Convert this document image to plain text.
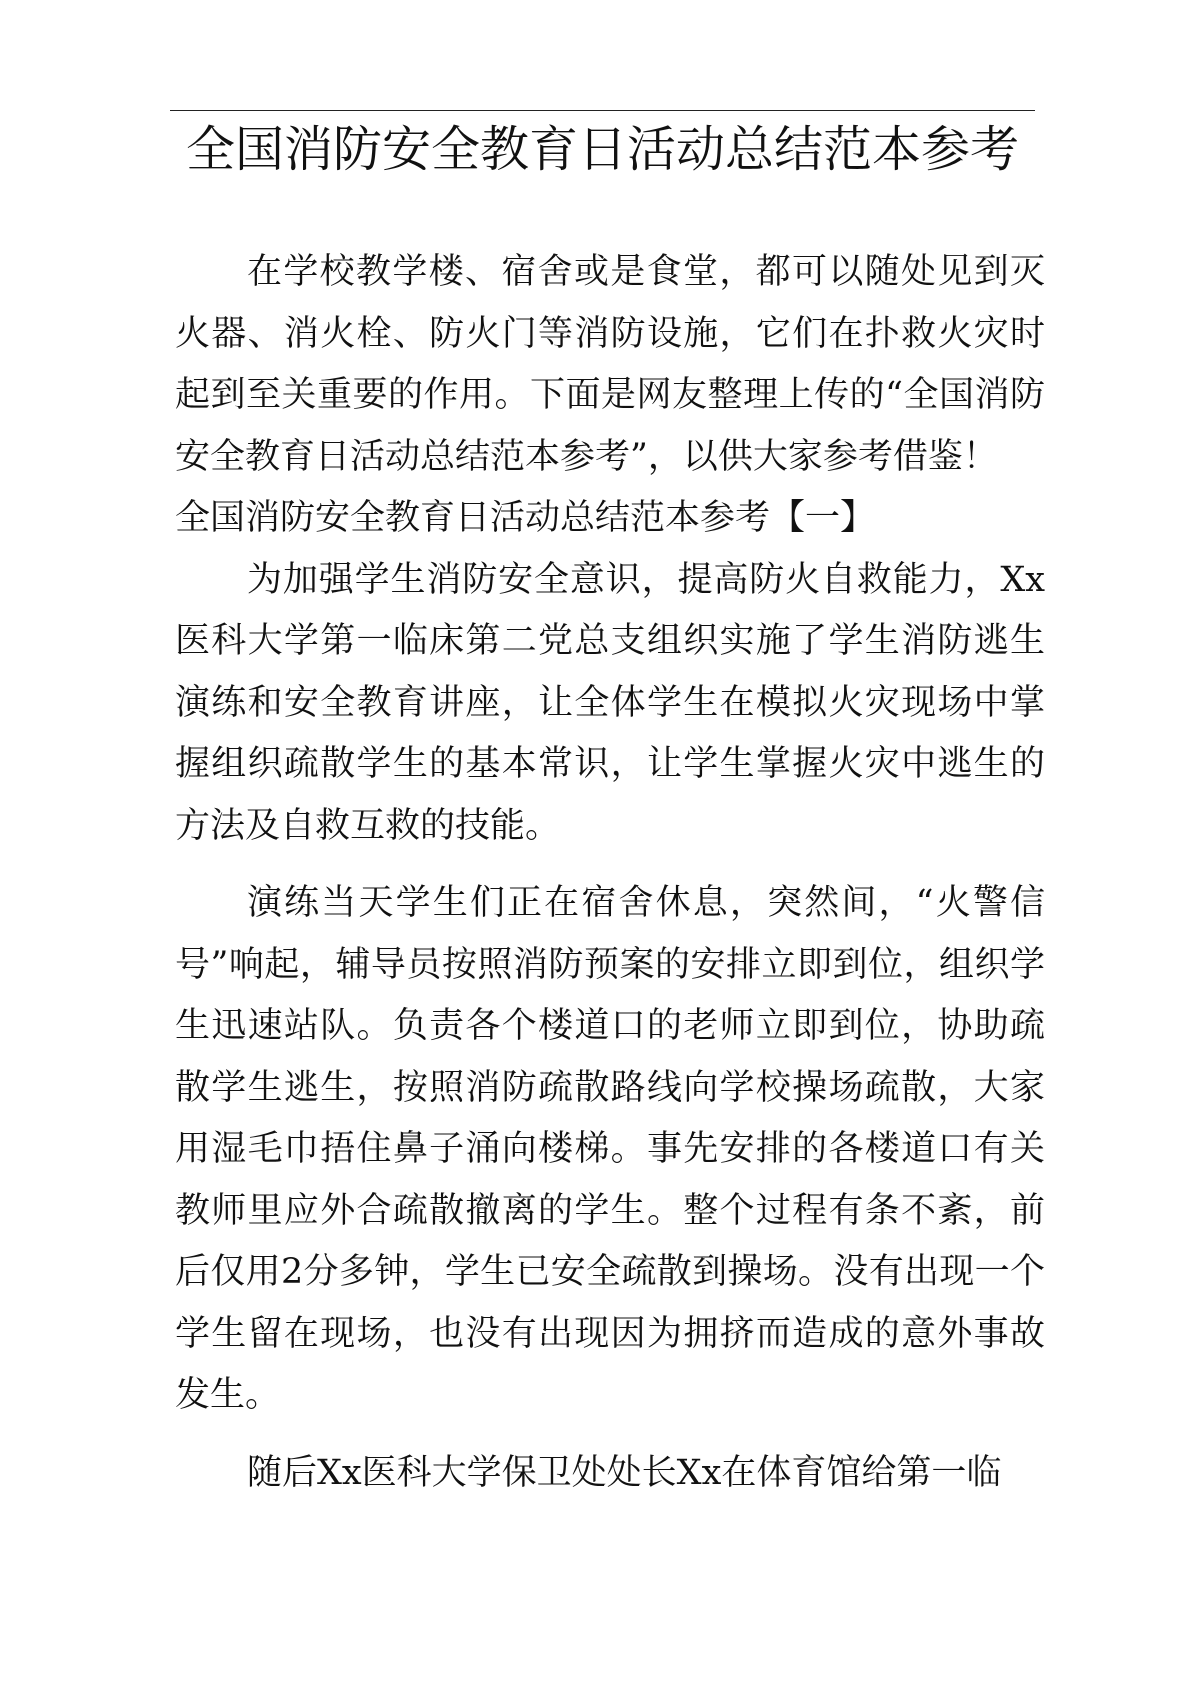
全国消防安全教育日活动总结范本参考

在学校教学楼、宿舍或是食堂，都可以随处见到灭火器、消火栓、防火门等消防设施，它们在扑救火灾时起到至关重要的作用。下面是网友整理上传的“全国消防安全教育日活动总结范本参考”，以供大家参考借鉴！

全国消防安全教育日活动总结范本参考【一】

为加强学生消防安全意识，提高防火自救能力，Xx医科大学第一临床第二党总支组织实施了学生消防逃生演练和安全教育讲座，让全体学生在模拟火灾现场中掌握组织疏散学生的基本常识，让学生掌握火灾中逃生的方法及自救互救的技能。

演练当天学生们正在宿舍休息，突然间，“火警信号”响起，辅导员按照消防预案的安排立即到位，组织学生迅速站队。负责各个楼道口的老师立即到位，协助疏散学生逃生，按照消防疏散路线向学校操场疏散，大家用湿毛巾捂住鼻子涌向楼梯。事先安排的各楼道口有关教师里应外合疏散撤离的学生。整个过程有条不紊，前后仅用2分多钟，学生已安全疏散到操场。没有出现一个学生留在现场，也没有出现因为拥挤而造成的意外事故发生。

随后Xx医科大学保卫处处长Xx在体育馆给第一临
